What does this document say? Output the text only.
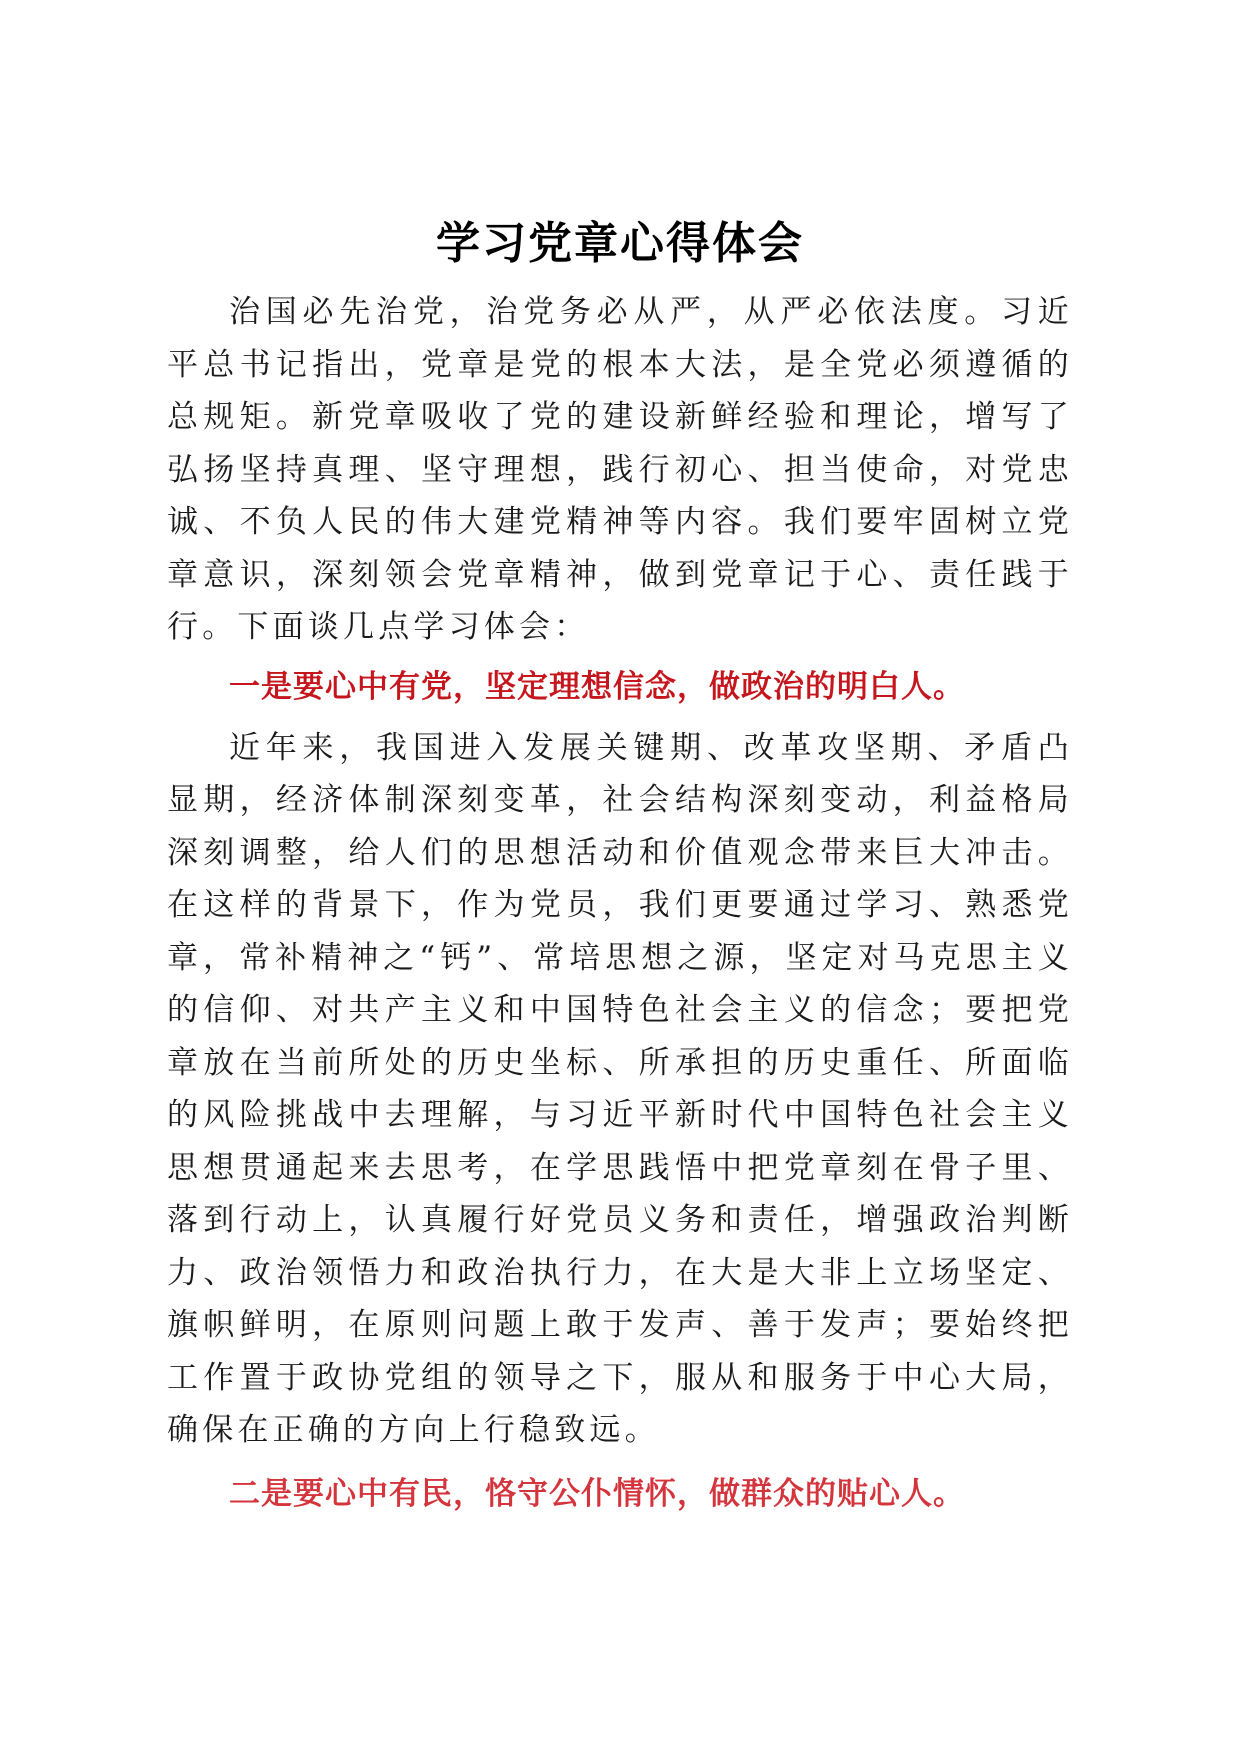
学习党章心得体会

治国必先治党，治党务必从严，从严必依法度。习近平总书记指出，党章是党的根本大法，是全党必须遵循的总规矩。新党章吸收了党的建设新鲜经验和理论，增写了弘扬坚持真理、坚守理想，践行初心、担当使命，对党忠诚、不负人民的伟大建党精神等内容。我们要牢固树立党章意识，深刻领会党章精神，做到党章记于心、责任践于行。下面谈几点学习体会：

一是要心中有党，坚定理想信念，做政治的明白人。

近年来，我国进入发展关键期、改革攻坚期、矛盾凸显期，经济体制深刻变革，社会结构深刻变动，利益格局深刻调整，给人们的思想活动和价值观念带来巨大冲击。在这样的背景下，作为党员，我们更要通过学习、熟悉党章，常补精神之“钙”、常培思想之源，坚定对马克思主义的信仰、对共产主义和中国特色社会主义的信念；要把党章放在当前所处的历史坐标、所承担的历史重任、所面临的风险挑战中去理解，与习近平新时代中国特色社会主义思想贯通起来去思考，在学思践悟中把党章刻在骨子里、落到行动上，认真履行好党员义务和责任，增强政治判断力、政治领悟力和政治执行力，在大是大非上立场坚定、旗帜鲜明，在原则问题上敢于发声、善于发声；要始终把工作置于政协党组的领导之下，服从和服务于中心大局，确保在正确的方向上行稳致远。

二是要心中有民，恪守公仆情怀，做群众的贴心人。
